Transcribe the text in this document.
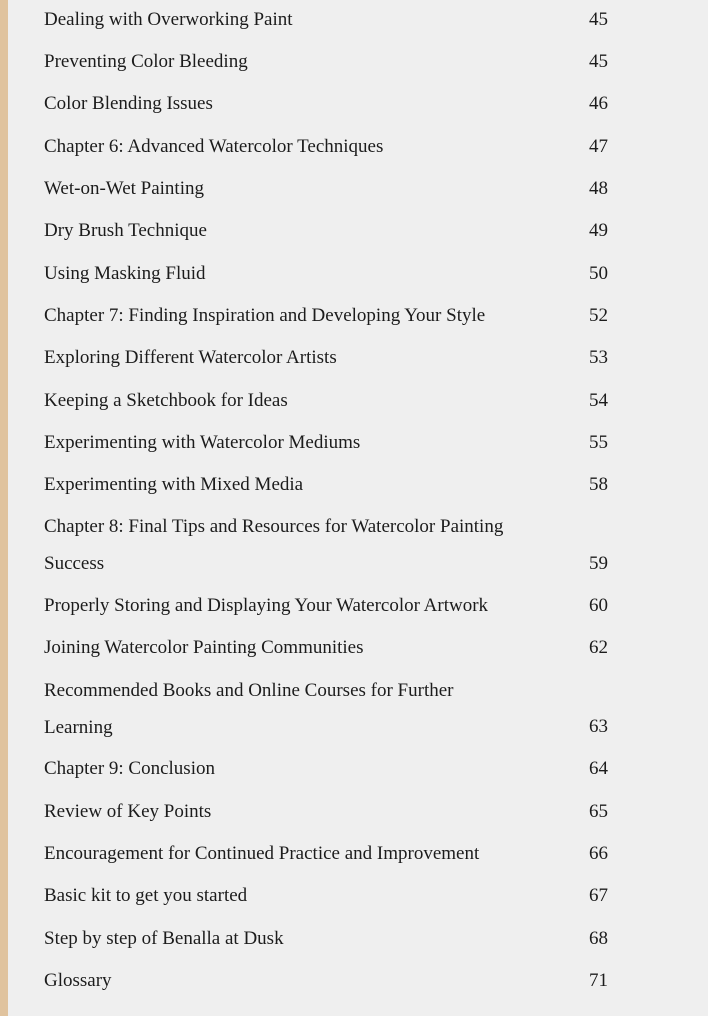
Dealing with Overworking Paint	45
Preventing Color Bleeding	45
Color Blending Issues	46
Chapter 6: Advanced Watercolor Techniques	47
Wet-on-Wet Painting	48
Dry Brush Technique	49
Using Masking Fluid	50
Chapter 7: Finding Inspiration and Developing Your Style	52
Exploring Different Watercolor Artists	53
Keeping a Sketchbook for Ideas	54
Experimenting with Watercolor Mediums	55
Experimenting with Mixed Media	58
Chapter 8: Final Tips and Resources for Watercolor Painting
Success	59
Properly Storing and Displaying Your Watercolor Artwork	60
Joining Watercolor Painting Communities	62
Recommended Books and Online Courses for Further
Learning	63
Chapter 9: Conclusion	64
Review of Key Points	65
Encouragement for Continued Practice and Improvement	66
Basic kit to get you started	67
Step by step of Benalla at Dusk	68
Glossary	71
